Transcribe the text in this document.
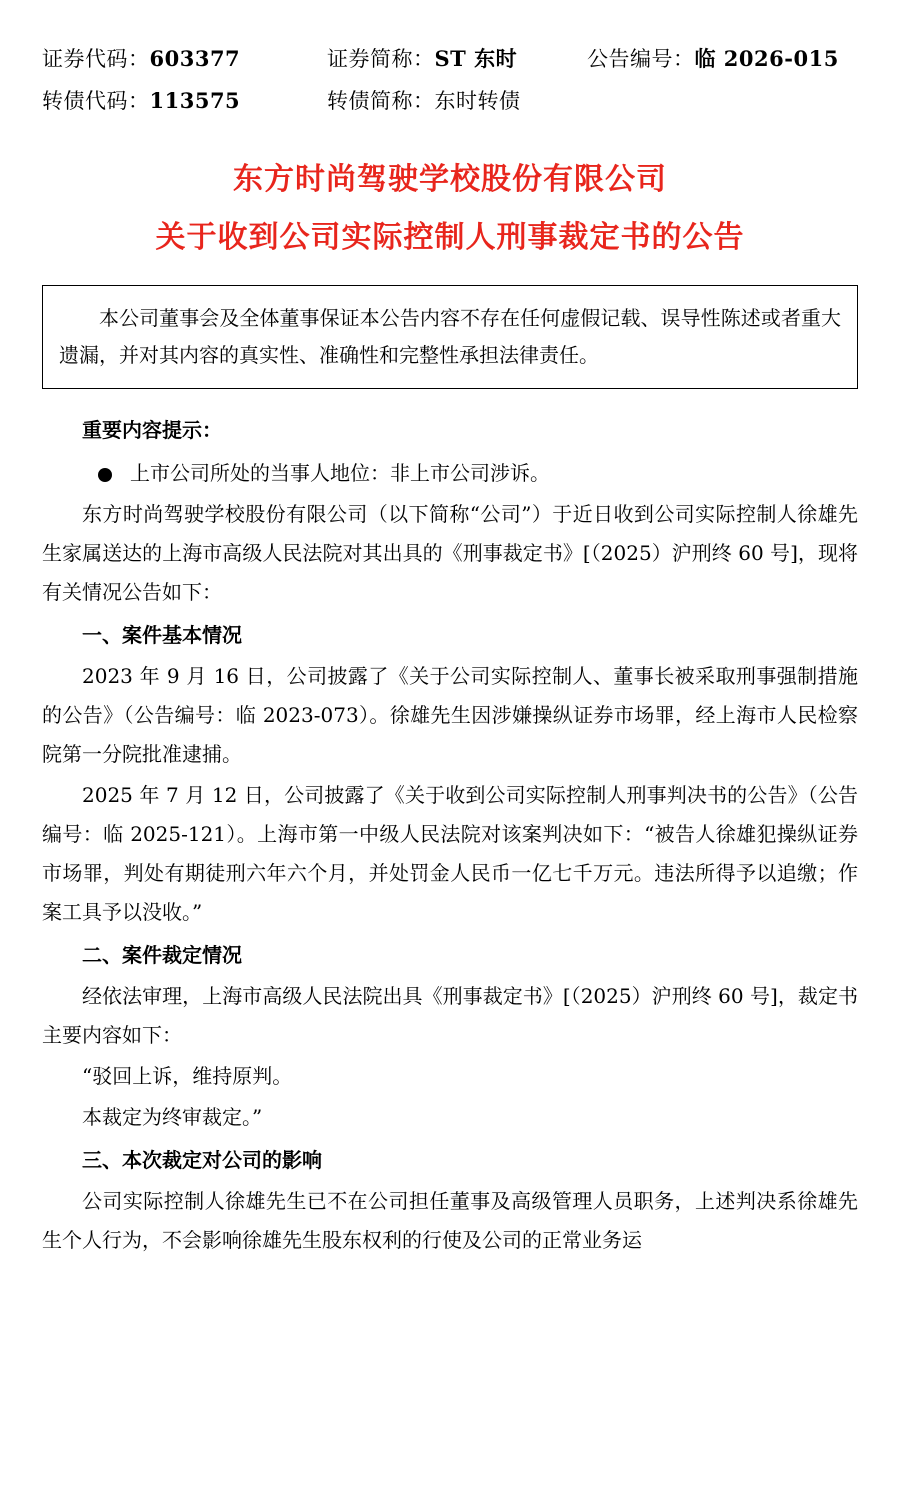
证券代码：603377	证券简称：ST 东时	公告编号：临 2026-015
转债代码：113575	转债简称：东时转债
东方时尚驾驶学校股份有限公司
关于收到公司实际控制人刑事裁定书的公告

本公司董事会及全体董事保证本公告内容不存在任何虚假记载、误导性陈述或者重大遗漏，并对其内容的真实性、准确性和完整性承担法律责任。

重要内容提示：
上市公司所处的当事人地位：非上市公司涉诉。

东方时尚驾驶学校股份有限公司（以下简称“公司”）于近日收到公司实际控制人徐雄先生家属送达的上海市高级人民法院对其出具的《刑事裁定书》[（2025）沪刑终 60 号]，现将有关情况公告如下：

一、案件基本情况

2023 年 9 月 16 日，公司披露了《关于公司实际控制人、董事长被采取刑事强制措施的公告》（公告编号：临 2023-073）。徐雄先生因涉嫌操纵证券市场罪，经上海市人民检察院第一分院批准逮捕。

2025 年 7 月 12 日，公司披露了《关于收到公司实际控制人刑事判决书的公告》（公告编号：临 2025-121）。上海市第一中级人民法院对该案判决如下：“被告人徐雄犯操纵证券市场罪，判处有期徒刑六年六个月，并处罚金人民币一亿七千万元。违法所得予以追缴；作案工具予以没收。”

二、案件裁定情况

经依法审理，上海市高级人民法院出具《刑事裁定书》[（2025）沪刑终 60 号]，裁定书主要内容如下：

“驳回上诉，维持原判。

本裁定为终审裁定。”

三、本次裁定对公司的影响

公司实际控制人徐雄先生已不在公司担任董事及高级管理人员职务，上述判决系徐雄先生个人行为，不会影响徐雄先生股东权利的行使及公司的正常业务运
